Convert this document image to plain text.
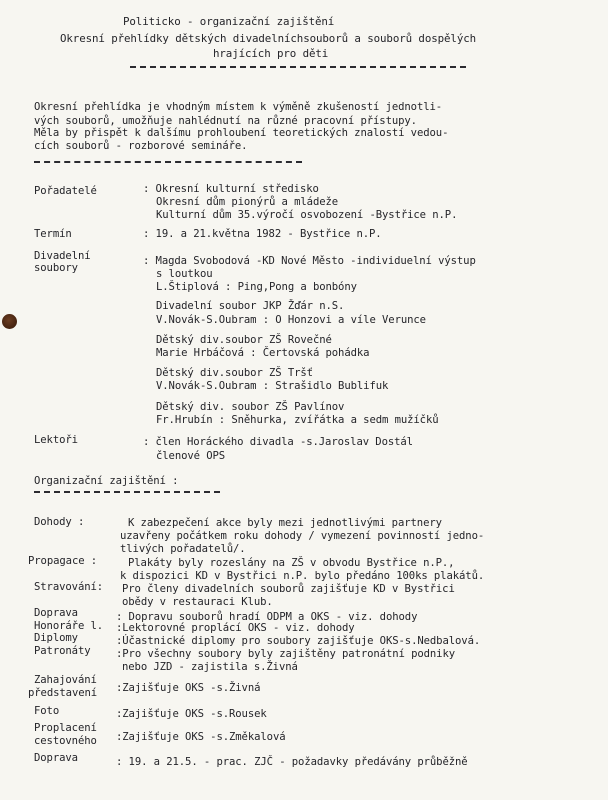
Politicko - organizační zajištění
Okresní přehlídky dětských divadelníchsouborů a souborů dospělých
hrajících pro děti
Okresní přehlídka je vhodným místem k výměně zkušeností jednotli-
vých souborů, umožňuje nahlédnutí na různé pracovní přístupy.
Měla by přispět k dalšímu prohloubení teoretických znalostí vedou-
cích souborů - rozborové semináře.
Pořadatelé	: Okresní kulturní středisko
Okresní dům pionýrů a mládeže
Kulturní dům 35.výročí osvobození -Bystřice n.P.
Termín	: 19. a 21.května 1982 - Bystřice n.P.
Divadelní
soubory
: Magda Svobodová -KD Nové Město -individuelní výstup
s loutkou
L.Štiplová : Ping,Pong a bonbóny
Divadelní soubor JKP Žďár n.S.
V.Novák-S.Oubram : O Honzovi a víle Verunce
Dětský div.soubor ZŠ Rovečné
Marie Hrbáčová : Čertovská pohádka
Dětský div.soubor ZŠ Tršť
V.Novák-S.Oubram : Strašidlo Bublifuk
Dětský div. soubor ZŠ Pavlínov
Fr.Hrubín : Sněhurka, zvířátka a sedm mužíčků
Lektoři	: člen Horáckého divadla -s.Jaroslav Dostál
členové OPS
Organizační zajištění :
Dohody :	K zabezpečení akce byly mezi jednotlivými partnery
uzavřeny počátkem roku dohody / vymezení povinností jedno-
tlivých pořadatelů/.
Propagace :	Plakáty byly rozeslány na ZŠ v obvodu Bystřice n.P.,
k dispozici KD v Bystřici n.P. bylo předáno 100ks plakátů.
Stravování: Pro členy divadelních souborů zajišťuje KD v Bystřici
obědy v restauraci Klub.
Doprava	: Dopravu souborů hradí ODPM a OKS - viz. dohody
Honoráře l. :Lektorovné proplácí OKS - viz. dohody
Diplomy	:Účastnické diplomy pro soubory zajišťuje OKS-s.Nedbalová.
Patronáty :Pro všechny soubory byly zajištěny patronátní podniky
nebo JZD - zajistila s.Živná
Zahajování
představení :Zajišťuje OKS -s.Živná
Foto	:Zajišťuje OKS -s.Rousek
Proplacení
cestovného :Zajišťuje OKS -s.Změkalová
Doprava	: 19. a 21.5. - prac. ZJČ - požadavky předávány průběžně
